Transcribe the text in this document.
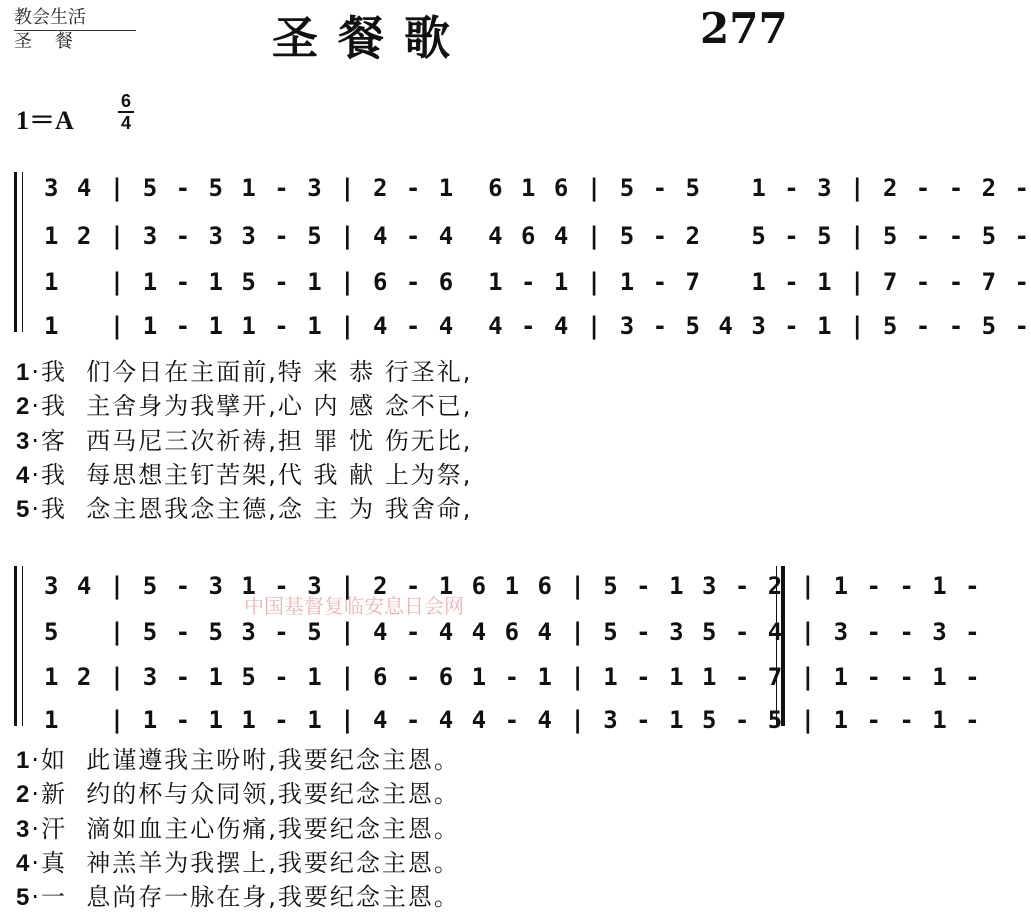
教会生活
圣    餐	圣餐歌	277
1＝A
6
4
3 4 | 5 - 5 1 - 3 | 2 - 1  6 1 6 | 5 - 5   1 - 3 | 2 - - 2 -
1 2 | 3 - 3 3 - 5 | 4 - 4  4 6 4 | 5 - 2   5 - 5 | 5 - - 5 -
1   | 1 - 1 5 - 1 | 6 - 6  1 - 1 | 1 - 7   1 - 1 | 7 - - 7 -
1   | 1 - 1 1 - 1 | 4 - 4  4 - 4 | 3 - 5 4 3 - 1 | 5 - - 5 -
1·我  们今日在主面前,特 来 恭 行圣礼,
2·我  主舍身为我擘开,心 内 感 念不已,
3·客  西马尼三次祈祷,担 罪 忧 伤无比,
4·我  每思想主钉苦架,代 我 献 上为祭,
5·我  念主恩我念主德,念 主 为 我舍命,
中国基督复临安息日会网
3 4 | 5 - 3 1 - 3 | 2 - 1 6 1 6 | 5 - 1 3 - 2 | 1 - - 1 -
5   | 5 - 5 3 - 5 | 4 - 4 4 6 4 | 5 - 3 5 - 4 | 3 - - 3 -
1 2 | 3 - 1 5 - 1 | 6 - 6 1 - 1 | 1 - 1 1 - 7 | 1 - - 1 -
1   | 1 - 1 1 - 1 | 4 - 4 4 - 4 | 3 - 1 5 - 5 | 1 - - 1 -
1·如  此谨遵我主吩咐,我要纪念主恩。
2·新  约的杯与众同领,我要纪念主恩。
3·汗  滴如血主心伤痛,我要纪念主恩。
4·真  神羔羊为我摆上,我要纪念主恩。
5·一  息尚存一脉在身,我要纪念主恩。
